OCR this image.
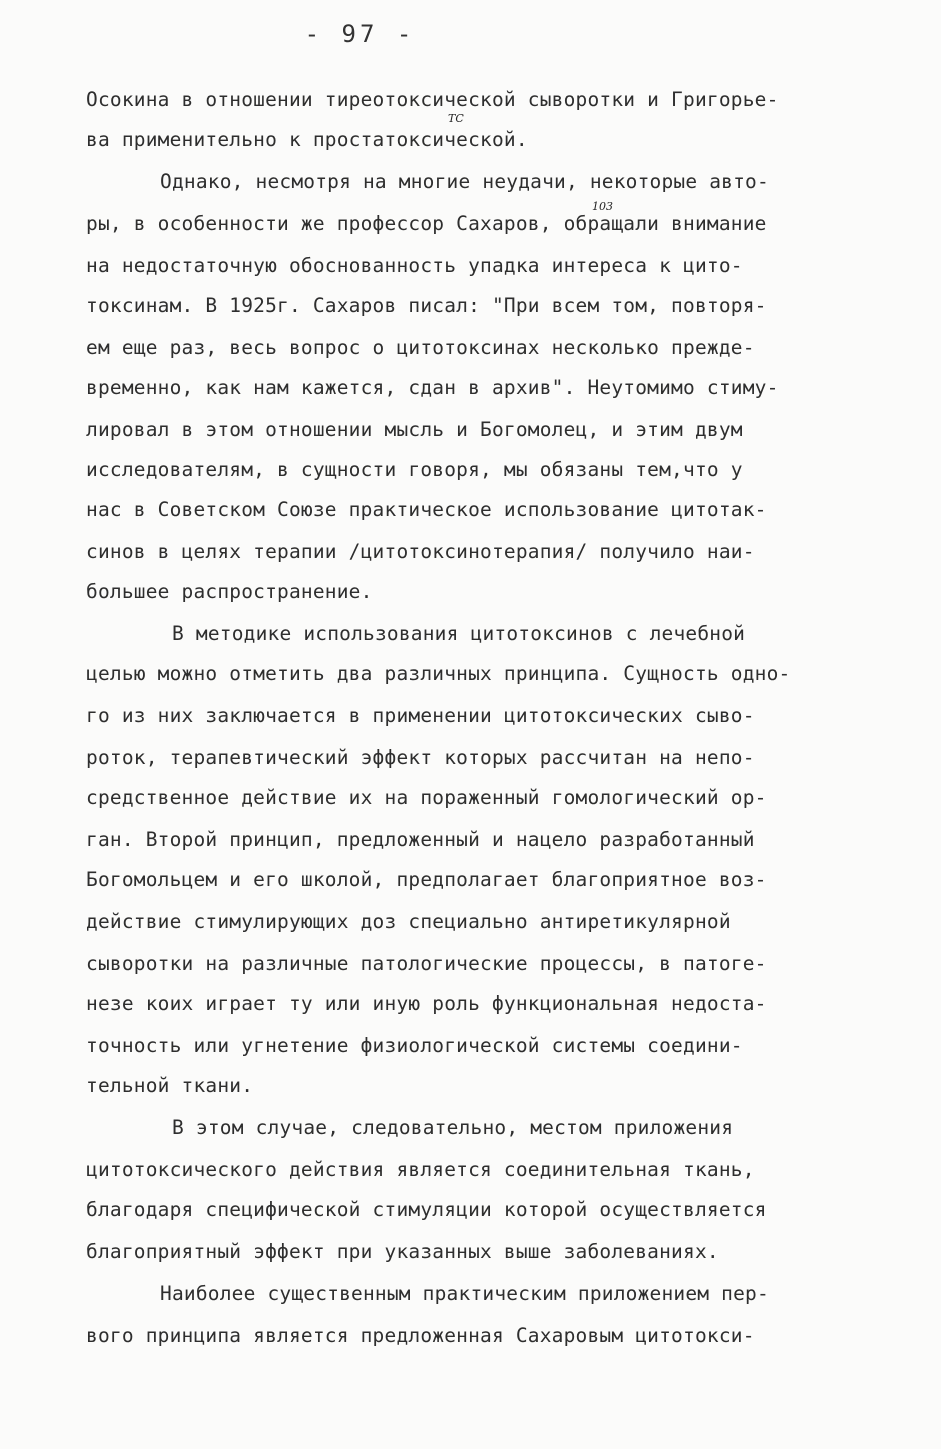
- 97 -
Осокина в отношении тиреотоксической сыворотки и Григорье-
ва применительно к простатоксической.
ТС
Однако, несмотря на многие неудачи, некоторые авто-
ры, в особенности же профессор Сахаров, обращали внимание
103
на недостаточную обоснованность упадка интереса к цито-
токсинам. В 1925г. Сахаров писал: "При всем том, повторя-
ем еще раз, весь вопрос о цитотоксинах несколько прежде-
временно, как нам кажется, сдан в архив". Неутомимо стиму-
лировал в этом отношении мысль и Богомолец, и этим двум
исследователям, в сущности говоря, мы обязаны тем,что у
нас в Советском Союзе практическое использование цитотак-
синов в целях терапии /цитотоксинотерапия/ получило наи-
большее распространение.
В методике использования цитотоксинов с лечебной
целью можно отметить два различных принципа. Сущность одно-
го из них заключается в применении цитотоксических сыво-
роток, терапевтический эффект которых рассчитан на непо-
средственное действие их на пораженный гомологический ор-
ган. Второй принцип, предложенный и нацело разработанный
Богомольцем и его школой, предполагает благоприятное воз-
действие стимулирующих доз специально антиретикулярной
сыворотки на различные патологические процессы, в патоге-
незе коих играет ту или иную роль функциональная недоста-
точность или угнетение физиологической системы соедини-
тельной ткани.
В этом случае, следовательно, местом приложения
цитотоксического действия является соединительная ткань,
благодаря специфической стимуляции которой осуществляется
благоприятный эффект при указанных выше заболеваниях.
Наиболее существенным практическим приложением пер-
вого принципа является предложенная Сахаровым цитотокси-
